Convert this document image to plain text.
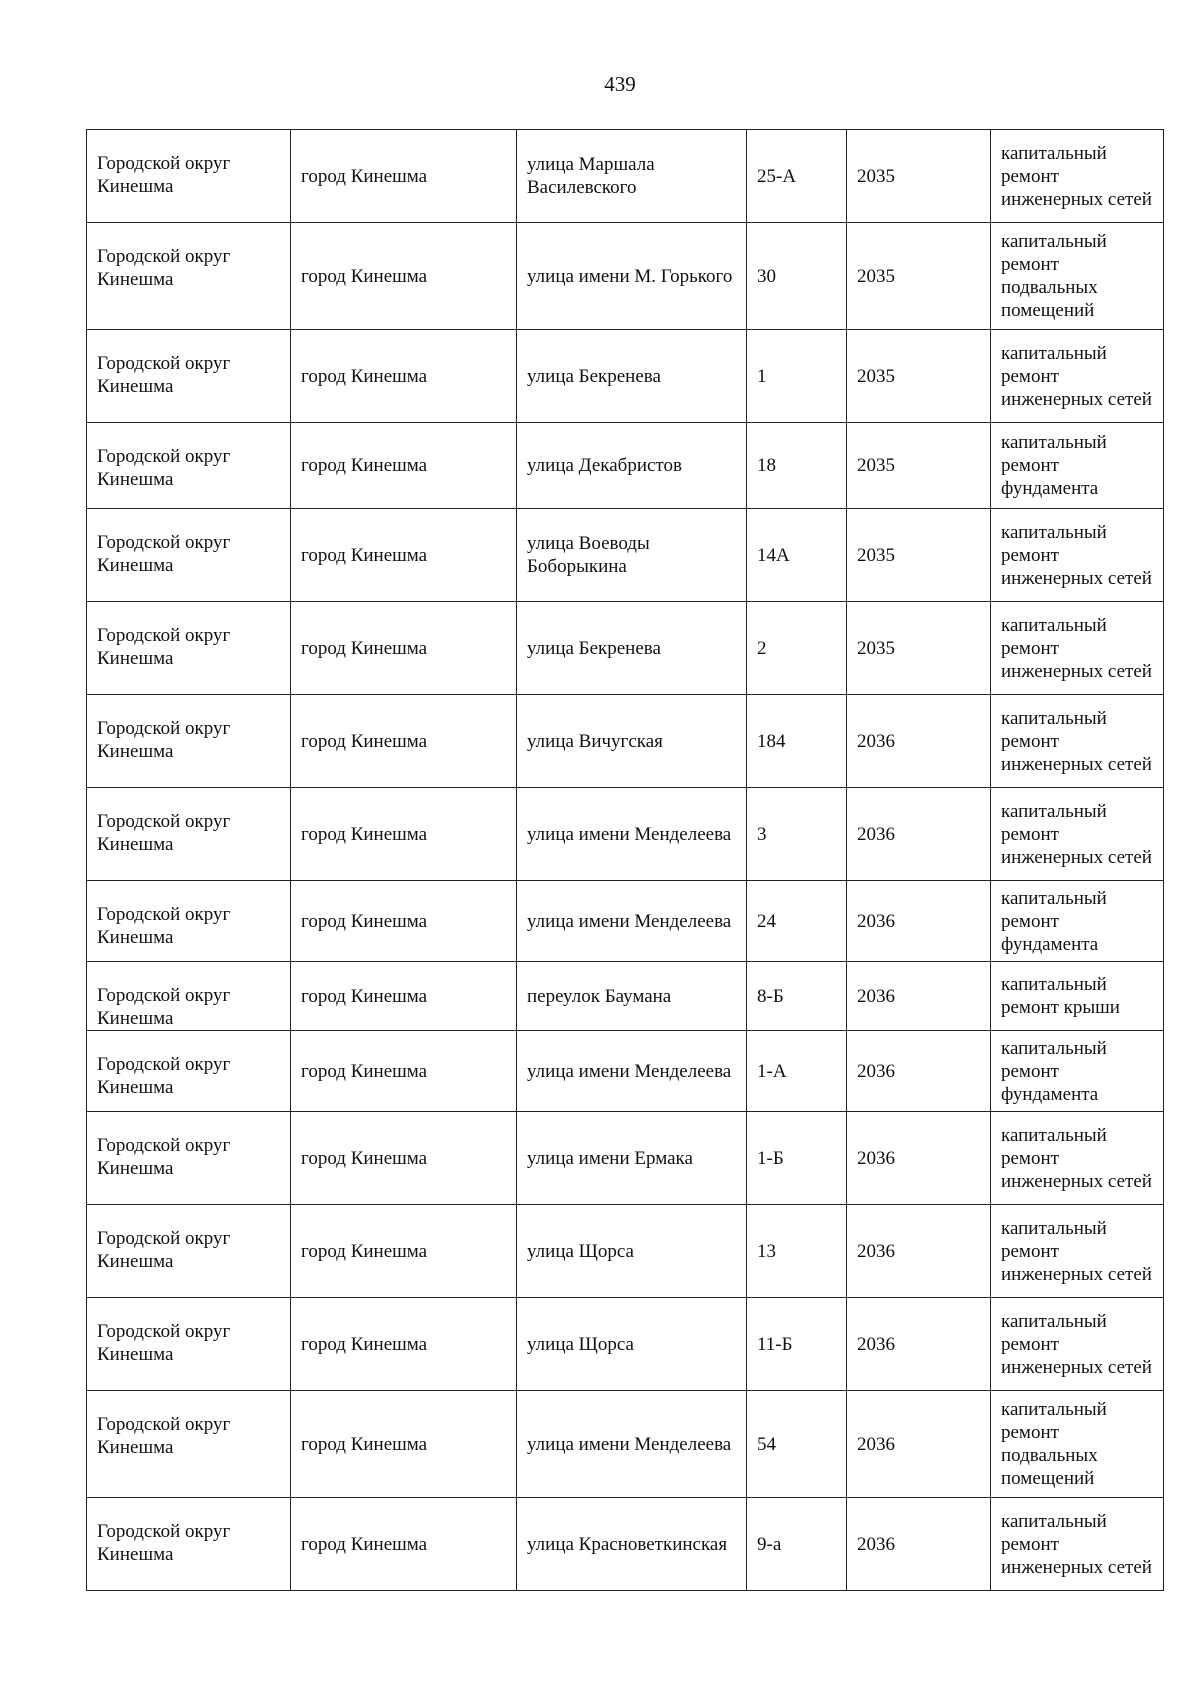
439
Городской округ Кинешма	город Кинешма	улица Маршала Василевского	25-А	2035	капитальный ремонт инженерных сетей
Городской округ Кинешма	город Кинешма	улица имени М. Горького	30	2035	капитальный ремонт подвальных помещений
Городской округ Кинешма	город Кинешма	улица Бекренева	1	2035	капитальный ремонт инженерных сетей
Городской округ Кинешма	город Кинешма	улица Декабристов	18	2035	капитальный ремонт фундамента
Городской округ Кинешма	город Кинешма	улица Воеводы Боборыкина	14А	2035	капитальный ремонт инженерных сетей
Городской округ Кинешма	город Кинешма	улица Бекренева	2	2035	капитальный ремонт инженерных сетей
Городской округ Кинешма	город Кинешма	улица Вичугская	184	2036	капитальный ремонт инженерных сетей
Городской округ Кинешма	город Кинешма	улица имени Менделеева	3	2036	капитальный ремонт инженерных сетей
Городской округ Кинешма	город Кинешма	улица имени Менделеева	24	2036	капитальный ремонт фундамента
Городской округ Кинешма	город Кинешма	переулок Баумана	8-Б	2036	капитальный ремонт крыши
Городской округ Кинешма	город Кинешма	улица имени Менделеева	1-А	2036	капитальный ремонт фундамента
Городской округ Кинешма	город Кинешма	улица имени Ермака	1-Б	2036	капитальный ремонт инженерных сетей
Городской округ Кинешма	город Кинешма	улица Щорса	13	2036	капитальный ремонт инженерных сетей
Городской округ Кинешма	город Кинешма	улица Щорса	11-Б	2036	капитальный ремонт инженерных сетей
Городской округ Кинешма	город Кинешма	улица имени Менделеева	54	2036	капитальный ремонт подвальных помещений
Городской округ Кинешма	город Кинешма	улица Красноветкинская	9-а	2036	капитальный ремонт инженерных сетей
